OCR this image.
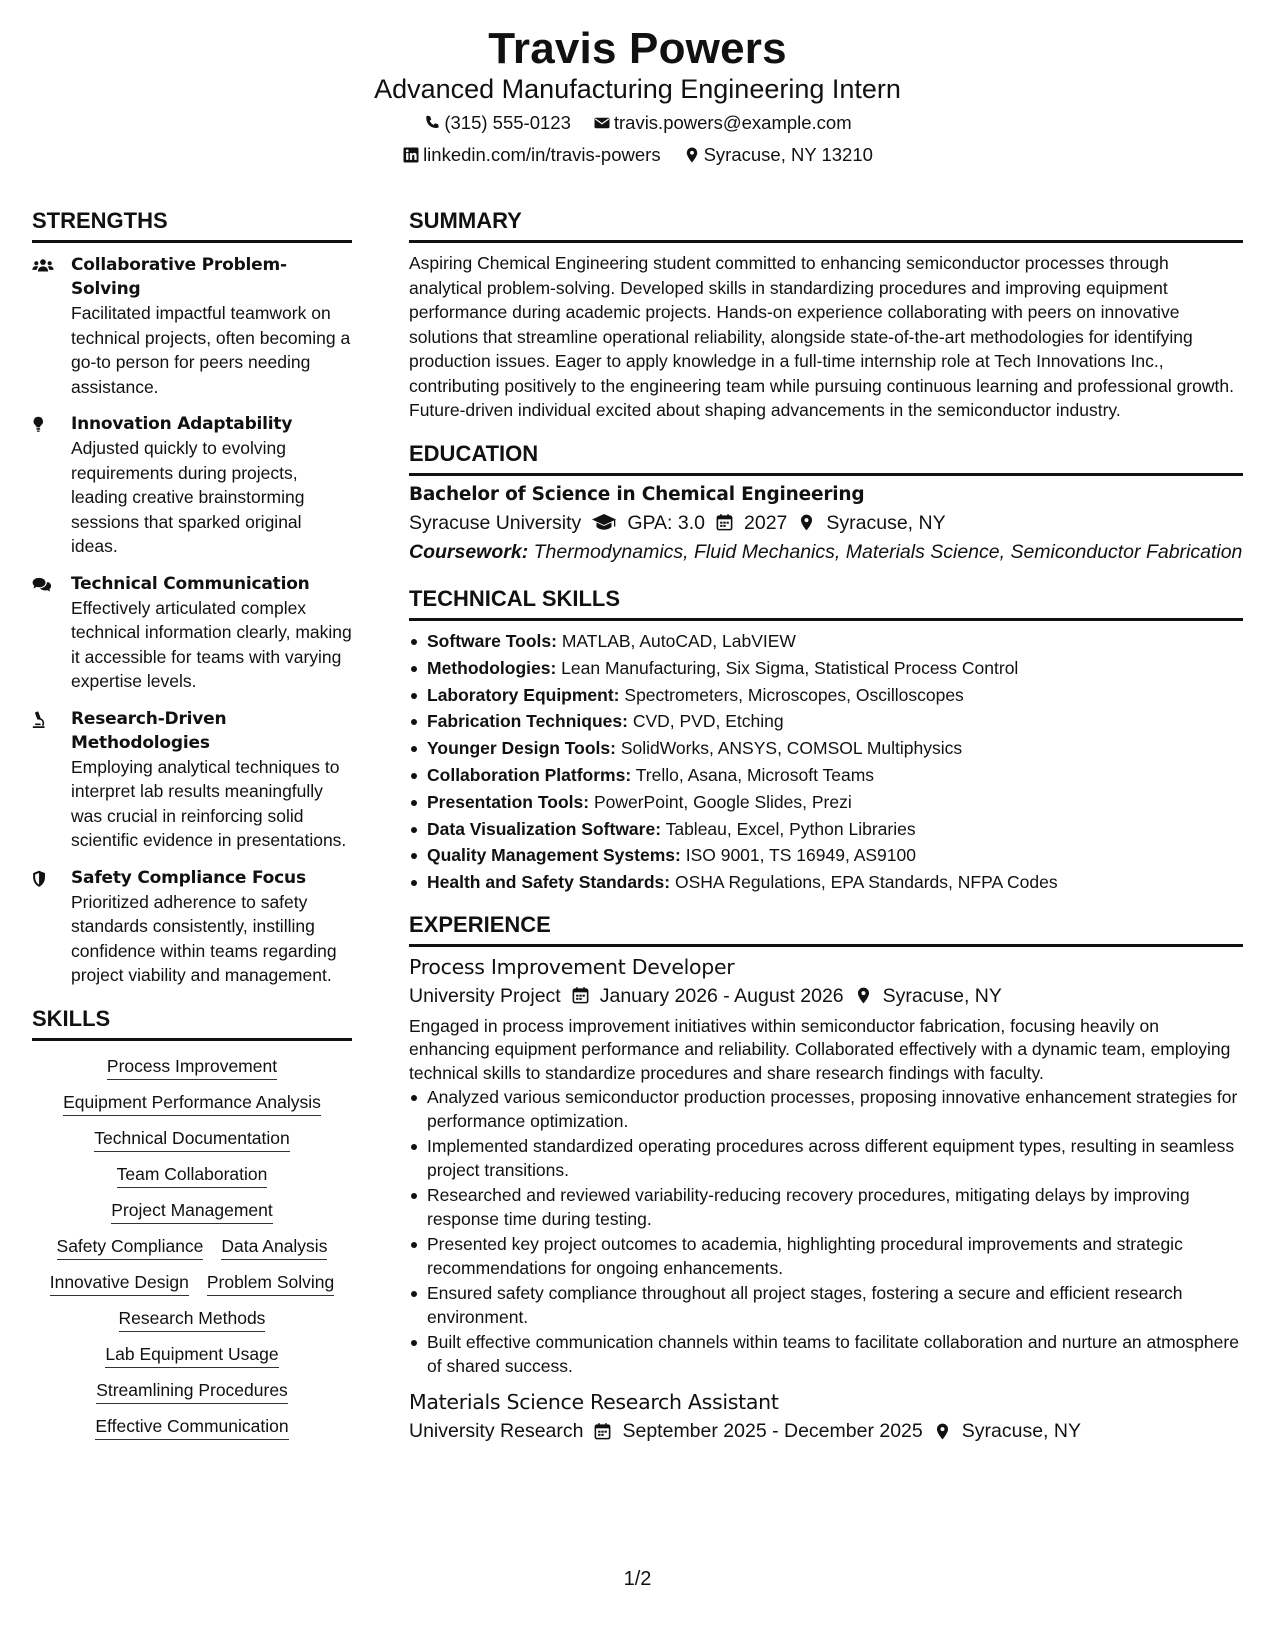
Travis Powers
Advanced Manufacturing Engineering Intern
(315) 555-0123 travis.powers@example.com
linkedin.com/in/travis-powers Syracuse, NY 13210
STRENGTHS
Collaborative Problem-Solving
Facilitated impactful teamwork on technical projects, often becoming a go-to person for peers needing assistance.
Innovation Adaptability
Adjusted quickly to evolving requirements during projects, leading creative brainstorming sessions that sparked original ideas.
Technical Communication
Effectively articulated complex technical information clearly, making it accessible for teams with varying expertise levels.
Research-Driven Methodologies
Employing analytical techniques to interpret lab results meaningfully was crucial in reinforcing solid scientific evidence in presentations.
Safety Compliance Focus
Prioritized adherence to safety standards consistently, instilling confidence within teams regarding project viability and management.
SKILLS
Process Improvement
Equipment Performance Analysis
Technical Documentation
Team Collaboration
Project Management
Safety Compliance Data Analysis
Innovative Design Problem Solving
Research Methods
Lab Equipment Usage
Streamlining Procedures
Effective Communication
SUMMARY
Aspiring Chemical Engineering student committed to enhancing semiconductor processes through analytical problem-solving. Developed skills in standardizing procedures and improving equipment performance during academic projects. Hands-on experience collaborating with peers on innovative solutions that streamline operational reliability, alongside state-of-the-art methodologies for identifying production issues. Eager to apply knowledge in a full-time internship role at Tech Innovations Inc., contributing positively to the engineering team while pursuing continuous learning and professional growth. Future-driven individual excited about shaping advancements in the semiconductor industry.
EDUCATION
Bachelor of Science in Chemical Engineering
Syracuse University GPA: 3.0 2027 Syracuse, NY
Coursework: Thermodynamics, Fluid Mechanics, Materials Science, Semiconductor Fabrication
TECHNICAL SKILLS
Software Tools: MATLAB, AutoCAD, LabVIEW
Methodologies: Lean Manufacturing, Six Sigma, Statistical Process Control
Laboratory Equipment: Spectrometers, Microscopes, Oscilloscopes
Fabrication Techniques: CVD, PVD, Etching
Younger Design Tools: SolidWorks, ANSYS, COMSOL Multiphysics
Collaboration Platforms: Trello, Asana, Microsoft Teams
Presentation Tools: PowerPoint, Google Slides, Prezi
Data Visualization Software: Tableau, Excel, Python Libraries
Quality Management Systems: ISO 9001, TS 16949, AS9100
Health and Safety Standards: OSHA Regulations, EPA Standards, NFPA Codes
EXPERIENCE
Process Improvement Developer
University Project January 2026 - August 2026 Syracuse, NY
Engaged in process improvement initiatives within semiconductor fabrication, focusing heavily on enhancing equipment performance and reliability. Collaborated effectively with a dynamic team, employing technical skills to standardize procedures and share research findings with faculty.
Analyzed various semiconductor production processes, proposing innovative enhancement strategies for performance optimization.
Implemented standardized operating procedures across different equipment types, resulting in seamless project transitions.
Researched and reviewed variability-reducing recovery procedures, mitigating delays by improving response time during testing.
Presented key project outcomes to academia, highlighting procedural improvements and strategic recommendations for ongoing enhancements.
Ensured safety compliance throughout all project stages, fostering a secure and efficient research environment.
Built effective communication channels within teams to facilitate collaboration and nurture an atmosphere of shared success.
Materials Science Research Assistant
University Research September 2025 - December 2025 Syracuse, NY
1/2
